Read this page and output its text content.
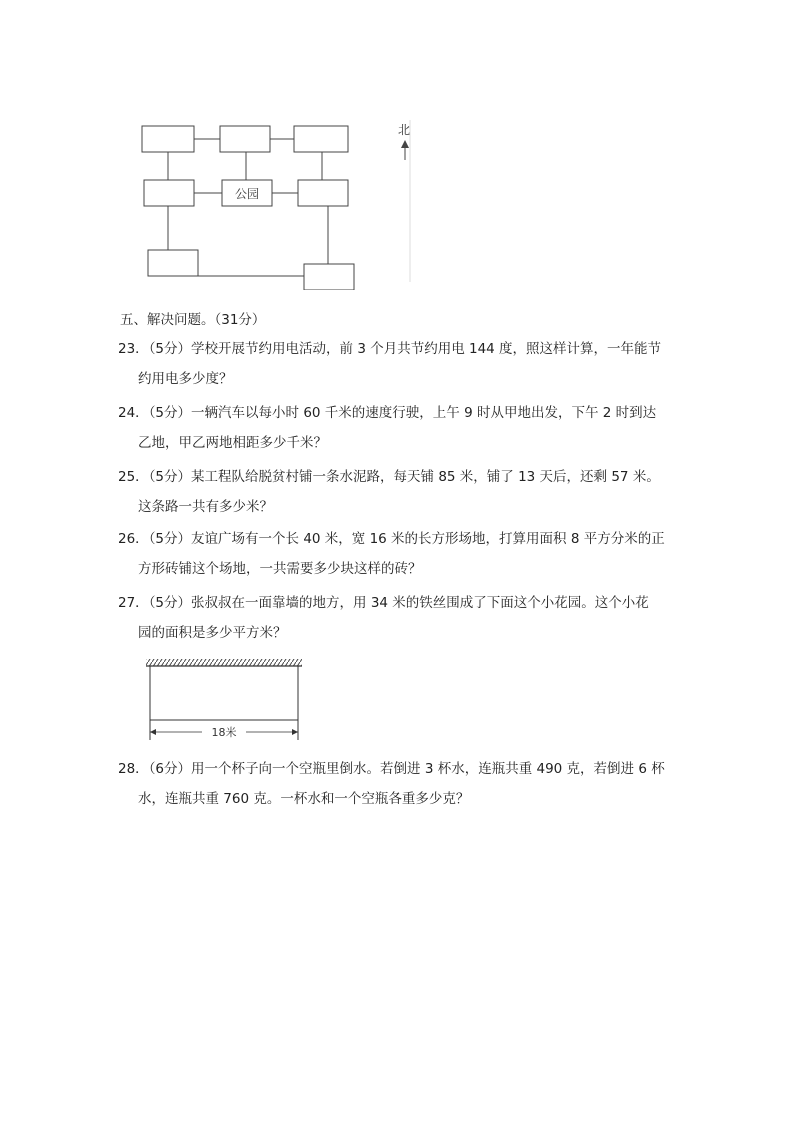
公园
北
五、解决问题。（31分）
23．（5分）学校开展节约用电活动，前 3 个月共节约用电 144 度，照这样计算，一年能节
约用电多少度？
24．（5分）一辆汽车以每小时 60 千米的速度行驶，上午 9 时从甲地出发，下午 2 时到达
乙地，甲乙两地相距多少千米？
25．（5分）某工程队给脱贫村铺一条水泥路，每天铺 85 米，铺了 13 天后，还剩 57 米。
这条路一共有多少米？
26．（5分）友谊广场有一个长 40 米，宽 16 米的长方形场地，打算用面积 8 平方分米的正
方形砖铺这个场地，一共需要多少块这样的砖？
27．（5分）张叔叔在一面靠墙的地方，用 34 米的铁丝围成了下面这个小花园。这个小花
园的面积是多少平方米？
18米
28．（6分）用一个杯子向一个空瓶里倒水。若倒进 3 杯水，连瓶共重 490 克，若倒进 6 杯
水，连瓶共重 760 克。一杯水和一个空瓶各重多少克？
